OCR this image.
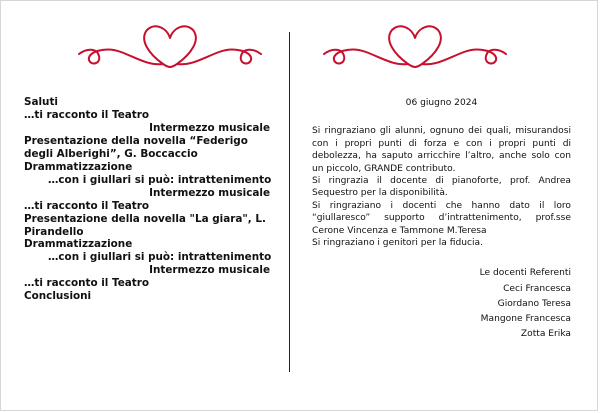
Saluti
…ti racconto il Teatro
Intermezzo musicale
Presentazione della novella “Federigo degli Alberighi”, G. Boccaccio
Drammatizzazione
…con i giullari si può: intrattenimento
Intermezzo musicale
…ti racconto il Teatro
Presentazione della novella "La giara", L. Pirandello
Drammatizzazione
…con i giullari si può: intrattenimento
Intermezzo musicale
…ti racconto il Teatro
Conclusioni
06 giugno 2024

Si ringraziano gli alunni, ognuno dei quali, misurandosi con i propri punti di forza e con i propri punti di debolezza, ha saputo arricchire l’altro, anche solo con un piccolo, GRANDE contributo.

Si ringrazia il docente di pianoforte, prof. Andrea Sequestro per la disponibilità.

Si ringraziano i docenti che hanno dato il loro “giullaresco” supporto d’intrattenimento, prof.sse Cerone Vincenza e Tammone M.Teresa

Si ringraziano i genitori per la fiducia.

Le docenti Referenti
Ceci Francesca
Giordano Teresa
Mangone Francesca
Zotta Erika
